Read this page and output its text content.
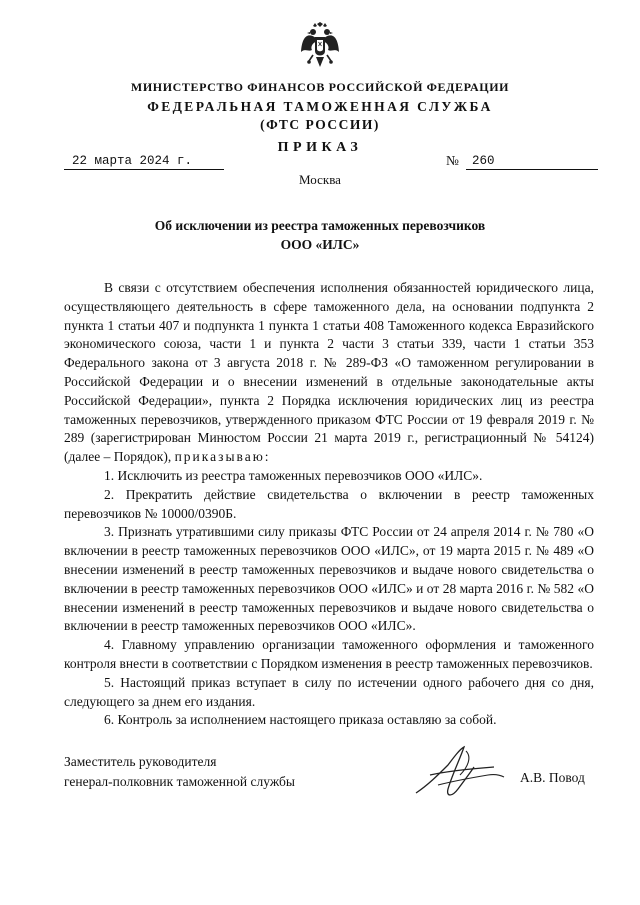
МИНИСТЕРСТВО ФИНАНСОВ РОССИЙСКОЙ ФЕДЕРАЦИИ
ФЕДЕРАЛЬНАЯ ТАМОЖЕННАЯ СЛУЖБА
(ФТС РОССИИ)
ПРИКАЗ
22 марта 2024 г.	№	260
Москва
Об исключении из реестра таможенных перевозчиков
ООО «ИЛС»

В связи с отсутствием обеспечения исполнения обязанностей юридического лица, осуществляющего деятельность в сфере таможенного дела, на основании подпункта 2 пункта 1 статьи 407 и подпункта 1 пункта 1 статьи 408 Таможенного кодекса Евразийского экономического союза, части 1 и пункта 2 части 3 статьи 339, части 1 статьи 353 Федерального закона от 3 августа 2018 г. № 289-ФЗ «О таможенном регулировании в Российской Федерации и о внесении изменений в отдельные законодательные акты Российской Федерации», пункта 2 Порядка исключения юридических лиц из реестра таможенных перевозчиков, утвержденного приказом ФТС России от 19 февраля 2019 г. № 289 (зарегистрирован Минюстом России 21 марта 2019 г., регистрационный № 54124) (далее – Порядок), приказываю:

1. Исключить из реестра таможенных перевозчиков ООО «ИЛС».

2. Прекратить действие свидетельства о включении в реестр таможенных перевозчиков № 10000/0390Б.

3. Признать утратившими силу приказы ФТС России от 24 апреля 2014 г. № 780 «О включении в реестр таможенных перевозчиков ООО «ИЛС», от 19 марта 2015 г. № 489 «О внесении изменений в реестр таможенных перевозчиков и выдаче нового свидетельства о включении в реестр таможенных перевозчиков ООО «ИЛС» и от 28 марта 2016 г. № 582 «О внесении изменений в реестр таможенных перевозчиков и выдаче нового свидетельства о включении в реестр таможенных перевозчиков ООО «ИЛС».

4. Главному управлению организации таможенного оформления и таможенного контроля внести в соответствии с Порядком изменения в реестр таможенных перевозчиков.

5. Настоящий приказ вступает в силу по истечении одного рабочего дня со дня, следующего за днем его издания.

6. Контроль за исполнением настоящего приказа оставляю за собой.

Заместитель руководителя
генерал-полковник таможенной службы	А.В. Повод
